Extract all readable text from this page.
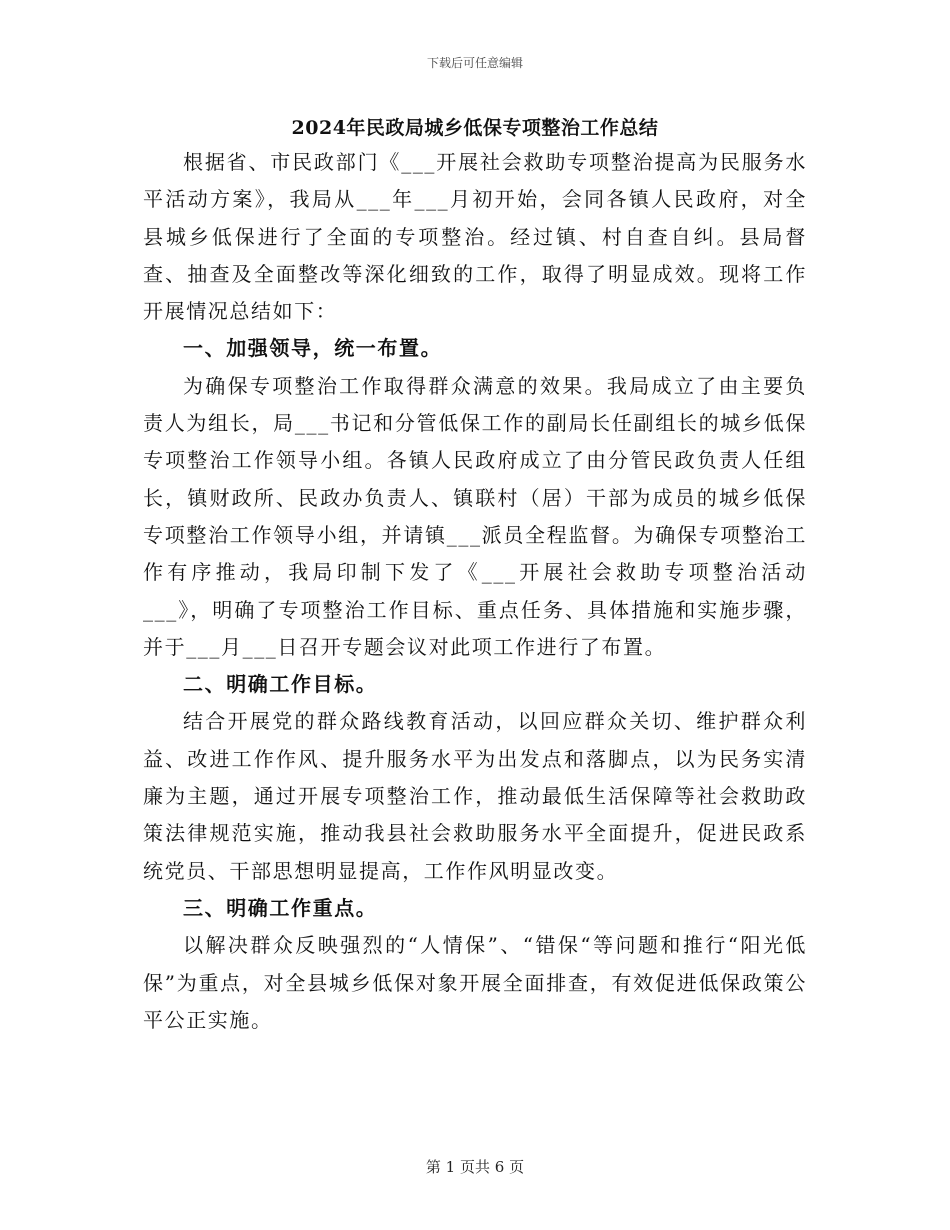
下载后可任意编辑
2024年民政局城乡低保专项整治工作总结

根据省、市民政部门《___开展社会救助专项整治提高为民服务水平活动方案》，我局从___年___月初开始，会同各镇人民政府，对全县城乡低保进行了全面的专项整治。经过镇、村自查自纠。县局督查、抽查及全面整改等深化细致的工作，取得了明显成效。现将工作开展情况总结如下：

一、加强领导，统一布置。

为确保专项整治工作取得群众满意的效果。我局成立了由主要负责人为组长，局___书记和分管低保工作的副局长任副组长的城乡低保专项整治工作领导小组。各镇人民政府成立了由分管民政负责人任组长，镇财政所、民政办负责人、镇联村（居）干部为成员的城乡低保专项整治工作领导小组，并请镇___派员全程监督。为确保专项整治工作有序推动，我局印制下发了《___开展社会救助专项整治活动___》，明确了专项整治工作目标、重点任务、具体措施和实施步骤，并于___月___日召开专题会议对此项工作进行了布置。

二、明确工作目标。

结合开展党的群众路线教育活动，以回应群众关切、维护群众利益、改进工作作风、提升服务水平为出发点和落脚点，以为民务实清廉为主题，通过开展专项整治工作，推动最低生活保障等社会救助政策法律规范实施，推动我县社会救助服务水平全面提升，促进民政系统党员、干部思想明显提高，工作作风明显改变。

三、明确工作重点。

以解决群众反映强烈的“人情保”、“错保“等问题和推行“阳光低保”为重点，对全县城乡低保对象开展全面排查，有效促进低保政策公平公正实施。

第 1 页共 6 页
